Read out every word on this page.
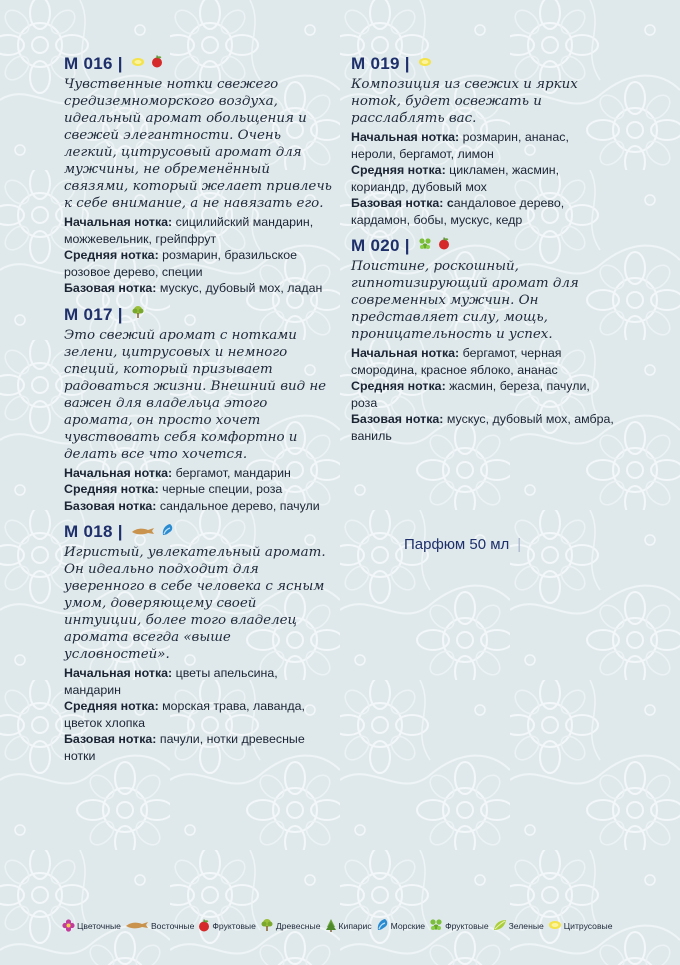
М 016 |

Чувственные нотки свежего средиземноморского воздуха, идеальный аромат обольщения и свежей элегантности. Очень легкий, цитрусовый аромат для мужчины, не обременённый связями, который желает привлечь к себе внимание, а не навязать его.

Начальная нотка: сицилийский мандарин, можжевельник, грейпфрут

Средняя нотка: розмарин, бразильское розовое дерево, специи

Базовая нотка: мускус, дубовый мох, ладан

М 017 |

Это свежий аромат с нотками зелени, цитрусовых и немного специй, который призывает радоваться жизни. Внешний вид не важен для владельца этого аромата, он просто хочет чувствовать себя комфортно и делать все что хочется.

Начальная нотка: бергамот, мандарин

Средняя нотка: черные специи, роза

Базовая нотка: сандальное дерево, пачули

М 018 |

Игристый, увлекательный аромат. Он идеально подходит для уверенного в себе человека с ясным умом, доверяющему своей интуиции, более того владелец аромата всегда «выше условностей».

Начальная нотка: цветы апельсина, мандарин

Средняя нотка: морская трава, лаванда, цветок хлопка

Базовая нотка: пачули, нотки древесные нотки

М 019 |

Композиция из свежих и ярких нотоk, будет освежать и расслаблять вас.

Начальная нотка: розмарин, ананас, нероли, бергамот, лимон

Средняя нотка: цикламен, жасмин, кориандр, дубовый мох

Базовая нотка: сандаловое дерево, кардамон, бобы, мускус, кедр

М 020 |

Поистине, роскошный, гипнотизирующий аромат для современных мужчин. Он представляет силу, мощь, проницательность и успех.

Начальная нотка: бергамот, черная смородина, красное яблоко, ананас

Средняя нотка: жасмин, береза, пачули, роза

Базовая нотка: мускус, дубовый мох, амбра, ваниль

Парфюм 50 мл |
Цветочные	Восточные Фруктовые Древесные Кипарис Морские Фруктовые Зеленые Цитрусовые
